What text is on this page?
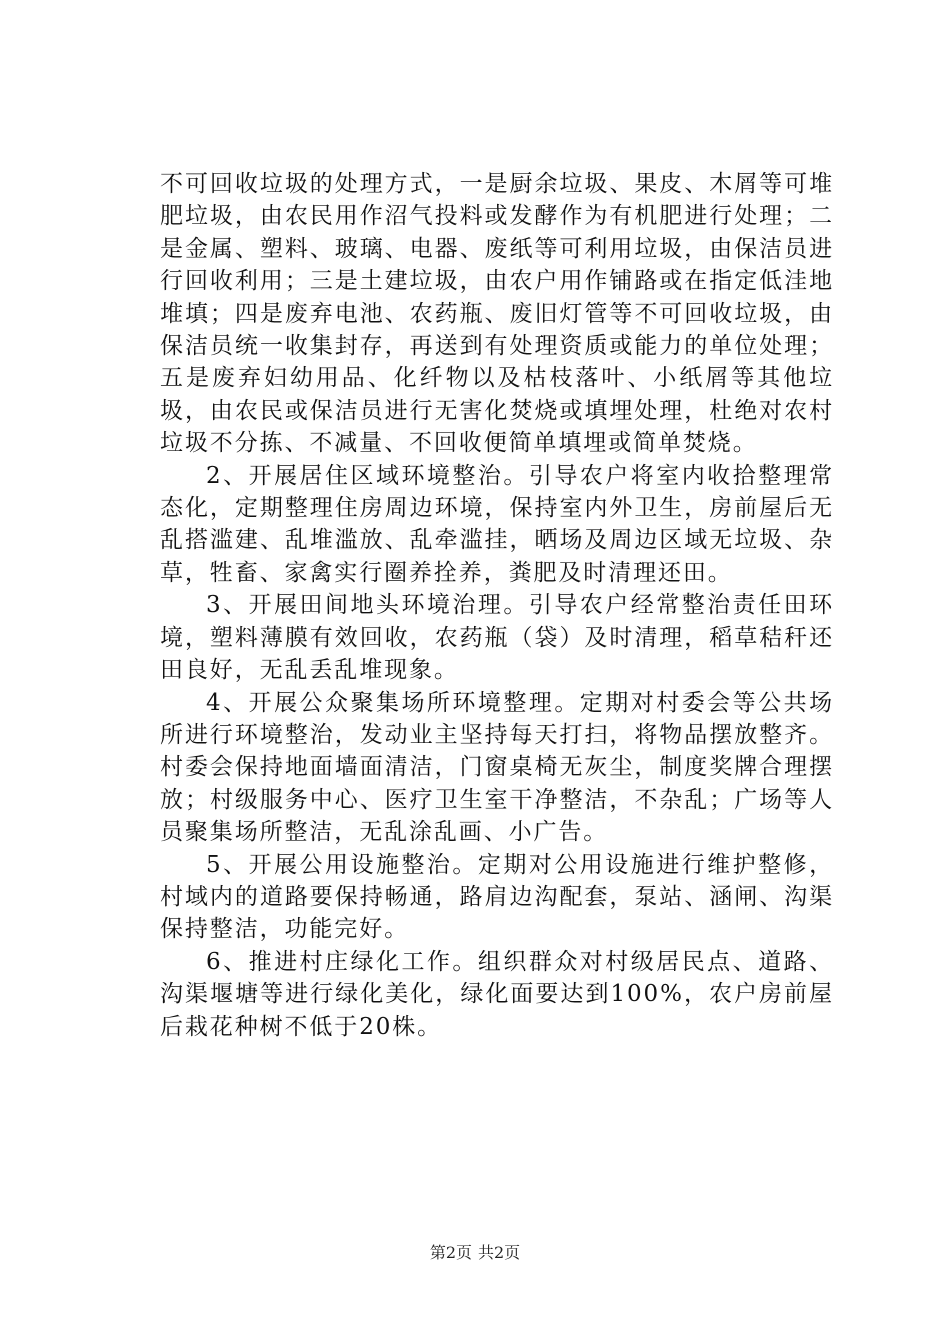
不可回收垃圾的处理方式，一是厨余垃圾、果皮、木屑等可堆肥垃圾，由农民用作沼气投料或发酵作为有机肥进行处理；二是金属、塑料、玻璃、电器、废纸等可利用垃圾，由保洁员进行回收利用；三是土建垃圾，由农户用作铺路或在指定低洼地堆填；四是废弃电池、农药瓶、废旧灯管等不可回收垃圾，由保洁员统一收集封存，再送到有处理资质或能力的单位处理；五是废弃妇幼用品、化纤物以及枯枝落叶、小纸屑等其他垃圾，由农民或保洁员进行无害化焚烧或填埋处理，杜绝对农村垃圾不分拣、不减量、不回收便简单填埋或简单焚烧。

2、开展居住区域环境整治。引导农户将室内收拾整理常态化，定期整理住房周边环境，保持室内外卫生，房前屋后无乱搭滥建、乱堆滥放、乱牵滥挂，晒场及周边区域无垃圾、杂草，牲畜、家禽实行圈养拴养，粪肥及时清理还田。

3、开展田间地头环境治理。引导农户经常整治责任田环境，塑料薄膜有效回收，农药瓶（袋）及时清理，稻草秸秆还田良好，无乱丢乱堆现象。

4、开展公众聚集场所环境整理。定期对村委会等公共场所进行环境整治，发动业主坚持每天打扫，将物品摆放整齐。村委会保持地面墙面清洁，门窗桌椅无灰尘，制度奖牌合理摆放；村级服务中心、医疗卫生室干净整洁，不杂乱；广场等人员聚集场所整洁，无乱涂乱画、小广告。

5、开展公用设施整治。定期对公用设施进行维护整修，村域内的道路要保持畅通，路肩边沟配套，泵站、涵闸、沟渠保持整洁，功能完好。

6、推进村庄绿化工作。组织群众对村级居民点、道路、沟渠堰塘等进行绿化美化，绿化面要达到100%，农户房前屋后栽花种树不低于20株。

第2页 共2页
